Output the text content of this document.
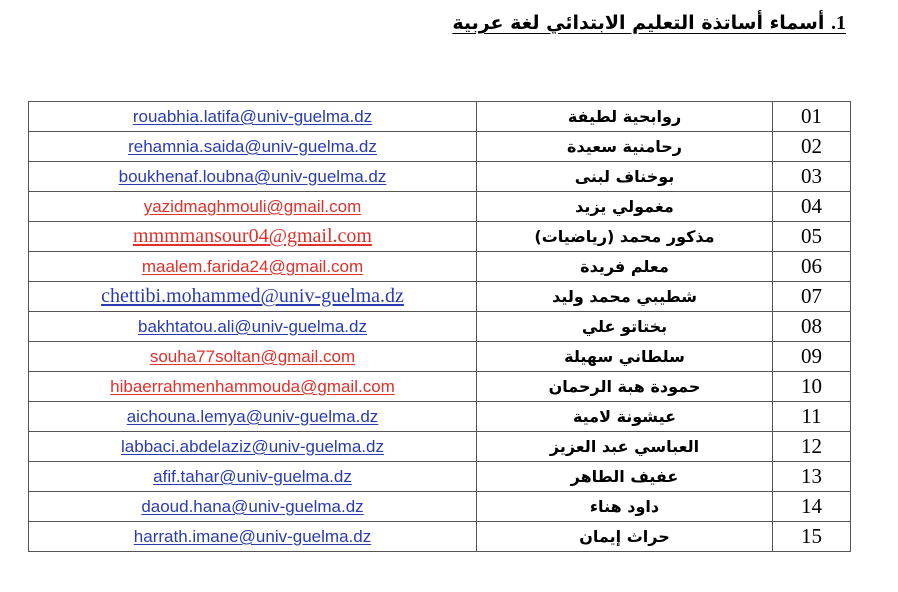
1. أسماء أساتذة التعليم الابتدائي لغة عربية
rouabhia.latifa@univ-guelma.dz	روابحية لطيفة	01
rehamnia.saida@univ-guelma.dz	رحامنية سعيدة	02
boukhenaf.loubna@univ-guelma.dz	بوخناف لبنى	03
yazidmaghmouli@gmail.com	مغمولي يزيد	04
mmmmansour04@gmail.com	مذكور محمد (رياضيات)	05
maalem.farida24@gmail.com	معلم فريدة	06
chettibi.mohammed@univ-guelma.dz	شطيبي محمد وليد	07
bakhtatou.ali@univ-guelma.dz	بختاتو علي	08
souha77soltan@gmail.com	سلطاني سهيلة	09
hibaerrahmenhammouda@gmail.com	حمودة هبة الرحمان	10
aichouna.lemya@univ-guelma.dz	عيشونة لامية	11
labbaci.abdelaziz@univ-guelma.dz	العباسي عبد العزيز	12
afif.tahar@univ-guelma.dz	عفيف الطاهر	13
daoud.hana@univ-guelma.dz	داود هناء	14
harrath.imane@univ-guelma.dz	حراث إيمان	15
